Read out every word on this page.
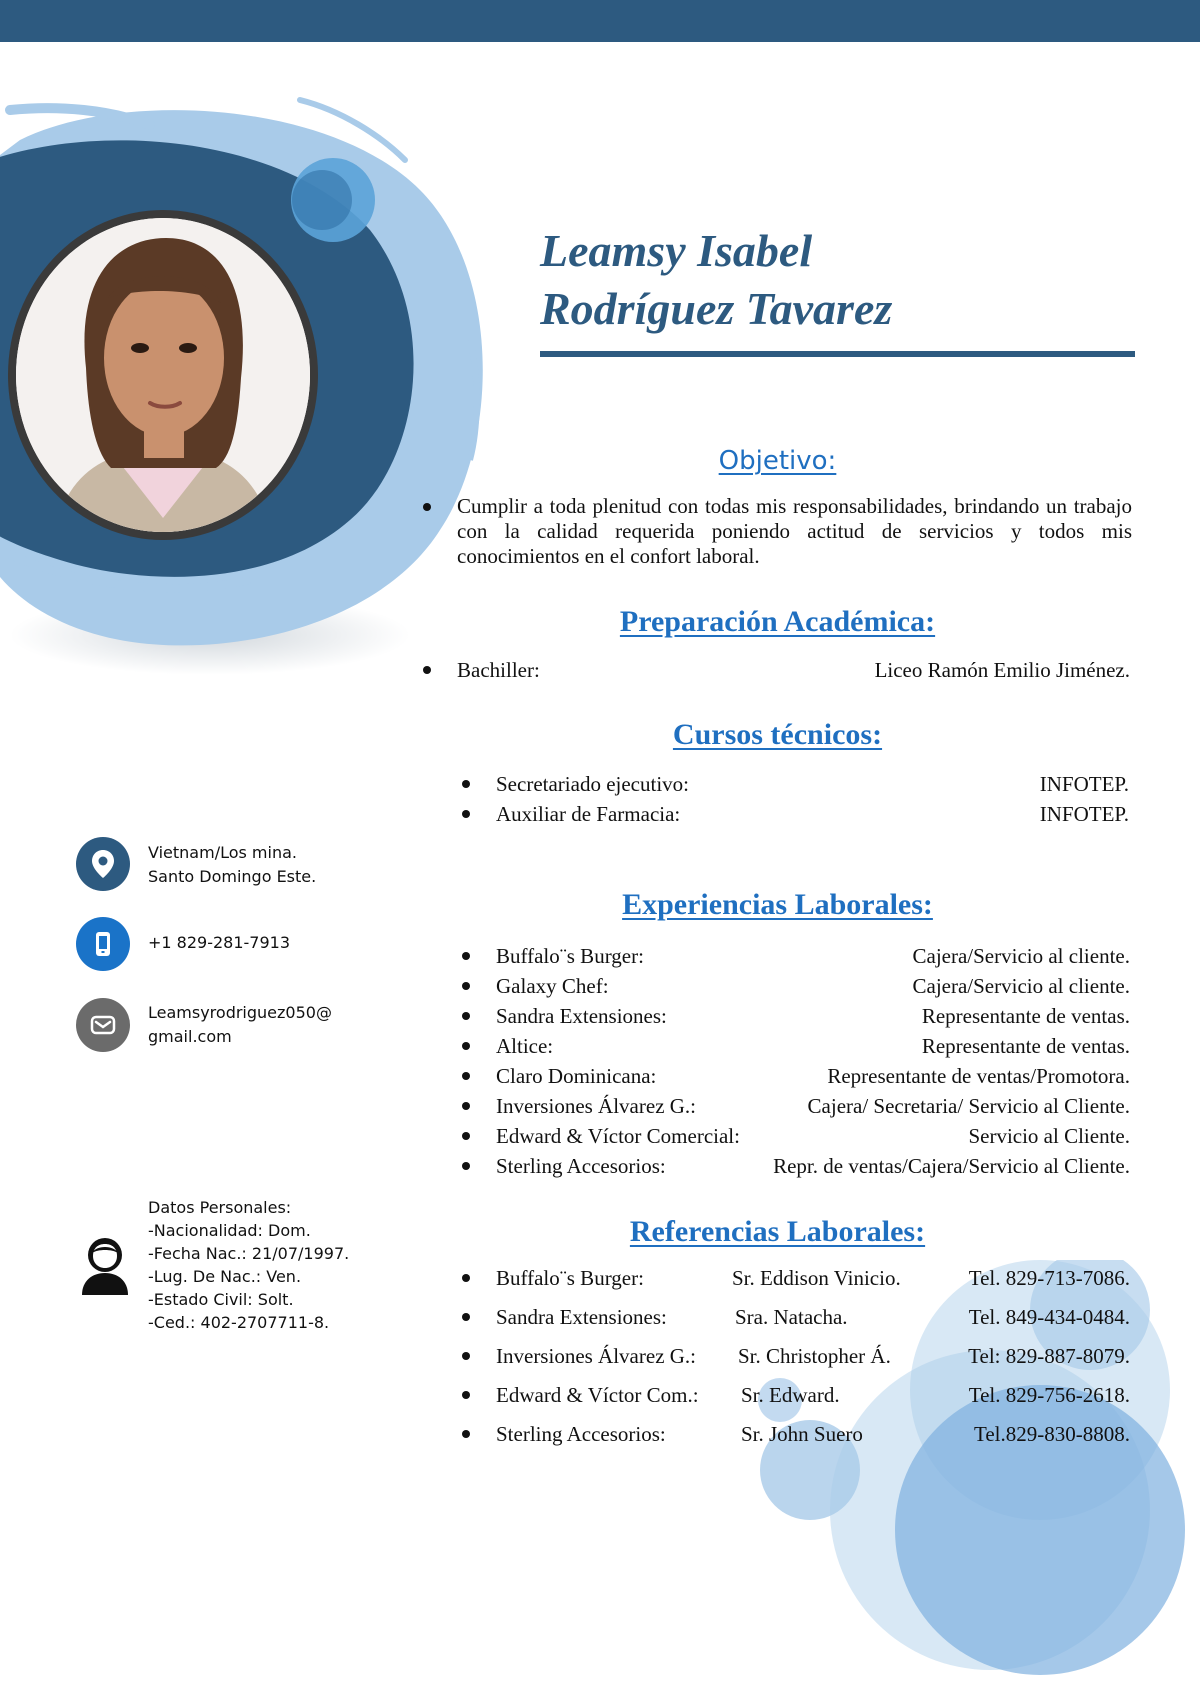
Leamsy Isabel
Rodríguez Tavarez
Objetivo:
Cumplir a toda plenitud con todas mis responsabilidades, brindando un trabajo con la calidad requerida poniendo actitud de servicios y todos mis conocimientos en el confort laboral.
Preparación Académica:
Bachiller:	Liceo Ramón Emilio Jiménez.
Cursos técnicos:
Secretariado ejecutivo:	INFOTEP.
Auxiliar de Farmacia:	INFOTEP.
Experiencias Laborales:
Buffalo¨s Burger:	Cajera/Servicio al cliente.
Galaxy Chef:	Cajera/Servicio al cliente.
Sandra Extensiones:	Representante de ventas.
Altice:	Representante de ventas.
Claro Dominicana:	Representante de ventas/Promotora.
Inversiones Álvarez G.:	Cajera/ Secretaria/ Servicio al Cliente.
Edward & Víctor Comercial:	Servicio al Cliente.
Sterling Accesorios:	Repr. de ventas/Cajera/Servicio al Cliente.
Referencias Laborales:
Buffalo¨s Burger:	Sr. Eddison Vinicio.	Tel. 829-713-7086.
Sandra Extensiones:	Sra. Natacha.	Tel. 849-434-0484.
Inversiones Álvarez G.: Sr. Christopher Á.	Tel: 829-887-8079.
Edward & Víctor Com.: Sr. Edward.	Tel. 829-756-2618.
Sterling Accesorios:	Sr. John Suero	Tel.829-830-8808.
Vietnam/Los mina.
Santo Domingo Este.
+1 829-281-7913
Leamsyrodriguez050@
gmail.com
Datos Personales:
-Nacionalidad: Dom.
-Fecha Nac.: 21/07/1997.
-Lug. De Nac.: Ven.
-Estado Civil: Solt.
-Ced.: 402-2707711-8.
